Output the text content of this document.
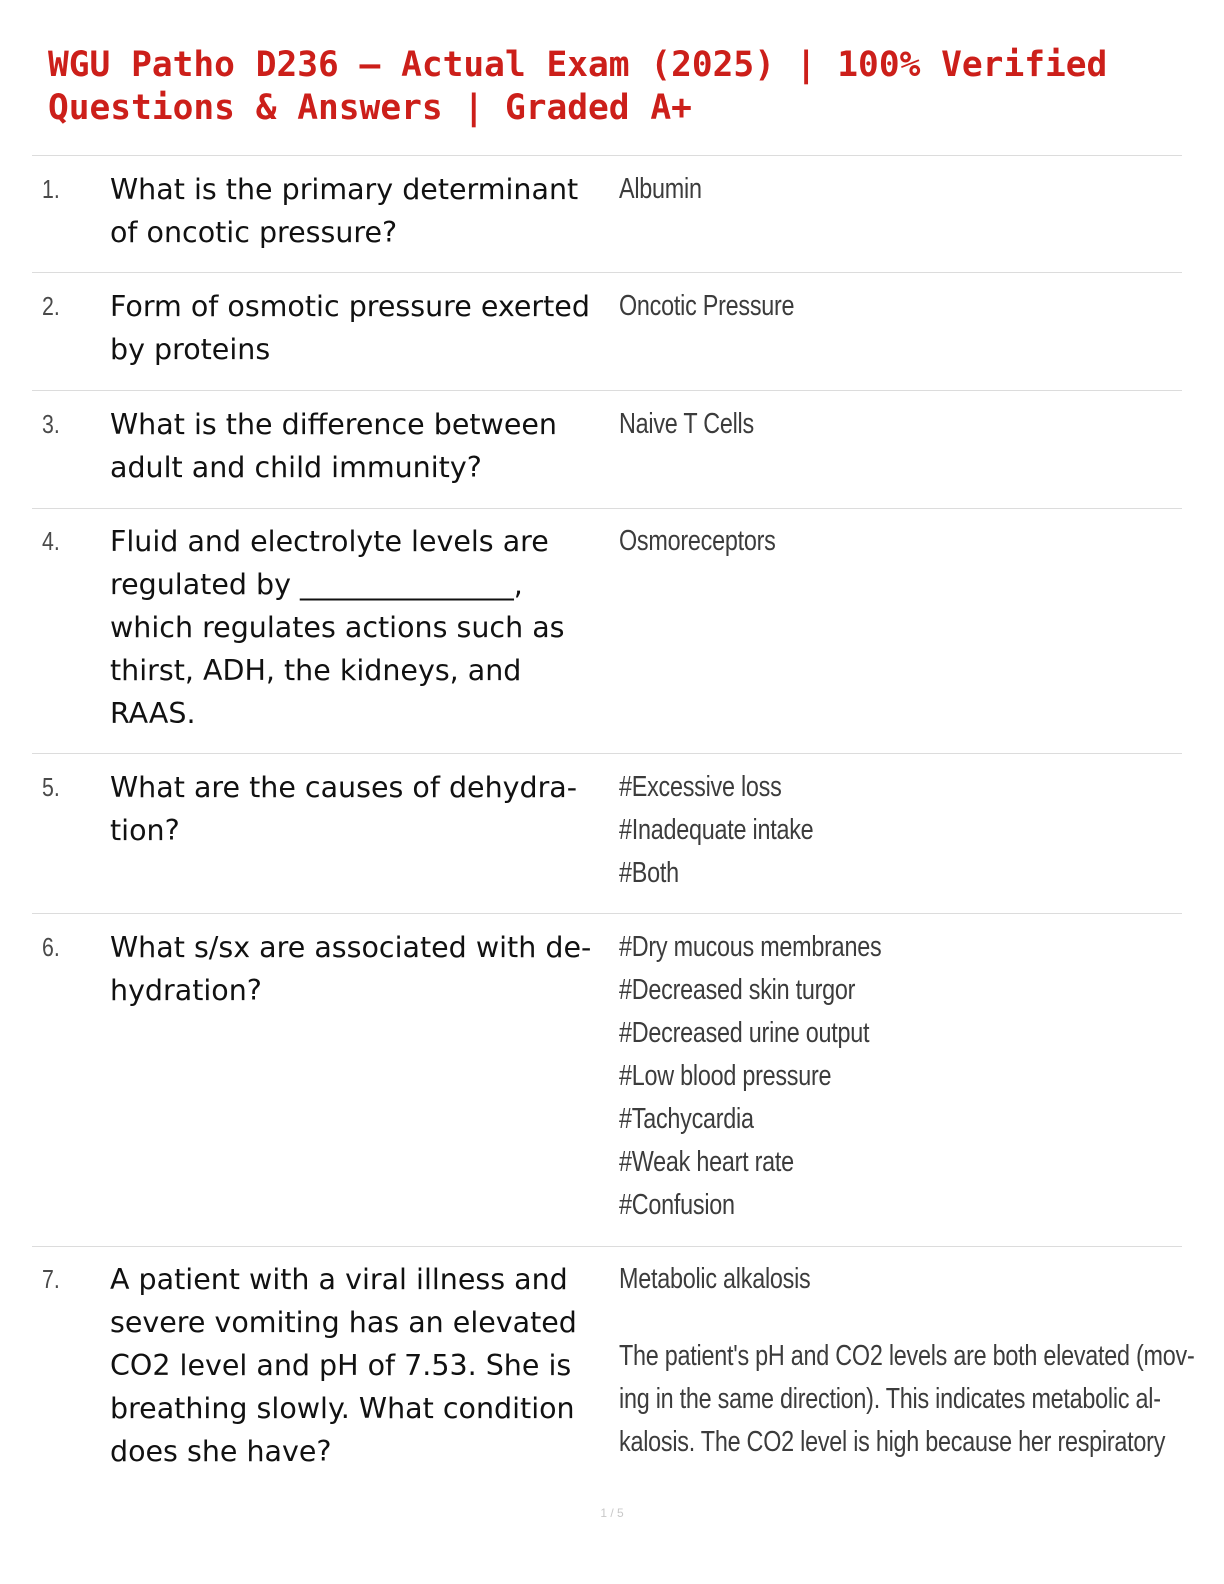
WGU Patho D236 – Actual Exam (2025) | 100% Verified
Questions & Answers | Graded A+
1. What is the primary determinant
of oncotic pressure?
Albumin
2. Form of osmotic pressure exerted
by proteins
Oncotic Pressure
3. What is the difference between
adult and child immunity?
Naive T Cells
4. Fluid and electrolyte levels are
regulated by _______________,
which regulates actions such as
thirst, ADH, the kidneys, and
RAAS.
Osmoreceptors
5. What are the causes of dehydra-
tion?
#Excessive loss
#Inadequate intake
#Both
6. What s/sx are associated with de-
hydration?
#Dry mucous membranes
#Decreased skin turgor
#Decreased urine output
#Low blood pressure
#Tachycardia
#Weak heart rate
#Confusion
7. A patient with a viral illness and
severe vomiting has an elevated
CO2 level and pH of 7.53. She is
breathing slowly. What condition
does she have?
Metabolic alkalosis
The patient's pH and CO2 levels are both elevated (mov-
ing in the same direction). This indicates metabolic al-
kalosis. The CO2 level is high because her respiratory
1 / 5
